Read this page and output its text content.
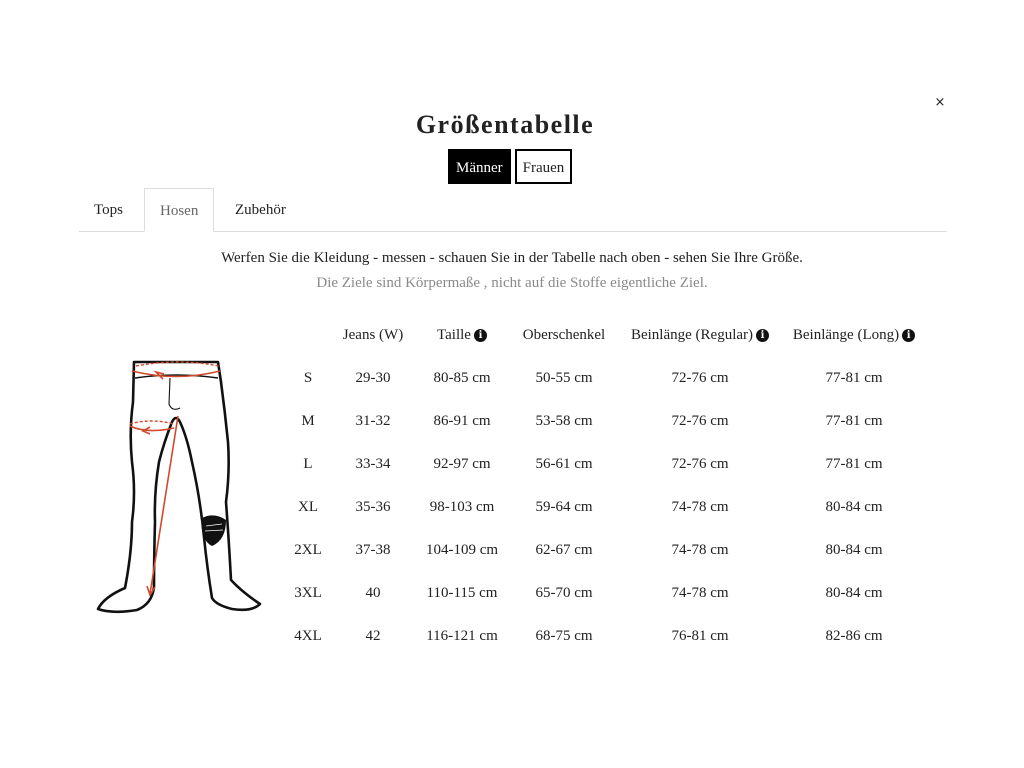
×
Größentabelle
Männer	Frauen
Tops	Hosen	Zubehör
Werfen Sie die Kleidung - messen - schauen Sie in der Tabelle nach oben - sehen Sie Ihre Größe.
Die Ziele sind Körpermaße , nicht auf die Stoffe eigentliche Ziel.
	Jeans (W)	Taille i	Oberschenkel	Beinlänge (Regular) i	Beinlänge (Long) i
S	29-30	80-85 cm	50-55 cm	72-76 cm	77-81 cm
M	31-32	86-91 cm	53-58 cm	72-76 cm	77-81 cm
L	33-34	92-97 cm	56-61 cm	72-76 cm	77-81 cm
XL	35-36	98-103 cm	59-64 cm	74-78 cm	80-84 cm
2XL	37-38	104-109 cm	62-67 cm	74-78 cm	80-84 cm
3XL	40	110-115 cm	65-70 cm	74-78 cm	80-84 cm
4XL	42	116-121 cm	68-75 cm	76-81 cm	82-86 cm
